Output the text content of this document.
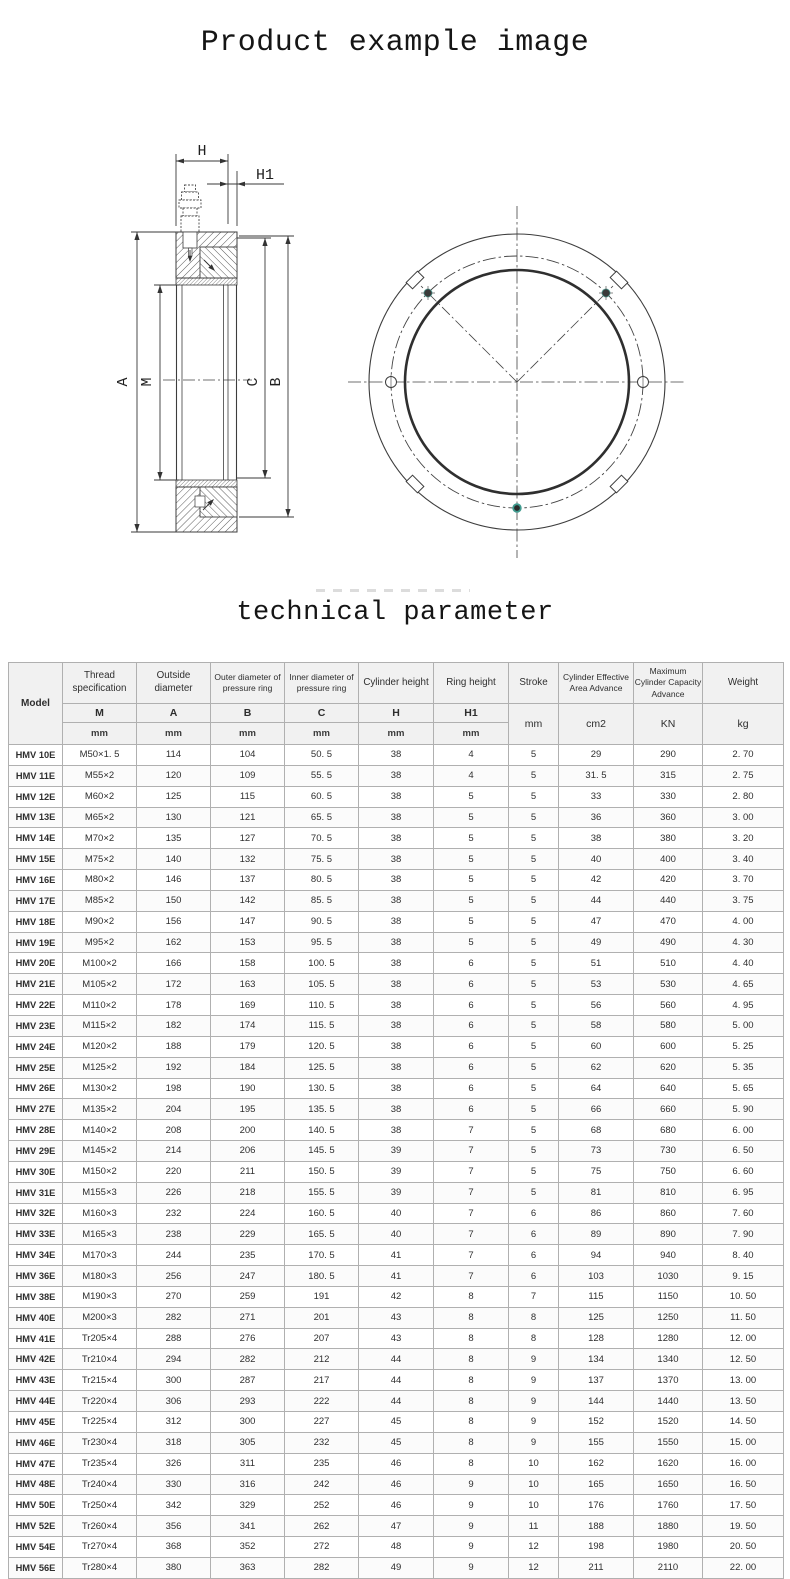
Product example image
H
H1
A M	C B
technical parameter
Model	Thread specification	Outside diameter	Outer diameter of pressure ring	Inner diameter of pressure ring	Cylinder height	Ring height	Stroke	Cylinder Effective Area Advance	Maximum Cylinder Capacity Advance	Weight
	M	A	B	C	H	H1	mm	cm2	KN	kg
	mm	mm	mm	mm	mm	mm				
HMV 10E	M50×1. 5	114	104	50. 5	38	4	5	29	290	2. 70
HMV 11E	M55×2	120	109	55. 5	38	4	5	31. 5	315	2. 75
HMV 12E	M60×2	125	115	60. 5	38	5	5	33	330	2. 80
HMV 13E	M65×2	130	121	65. 5	38	5	5	36	360	3. 00
HMV 14E	M70×2	135	127	70. 5	38	5	5	38	380	3. 20
HMV 15E	M75×2	140	132	75. 5	38	5	5	40	400	3. 40
HMV 16E	M80×2	146	137	80. 5	38	5	5	42	420	3. 70
HMV 17E	M85×2	150	142	85. 5	38	5	5	44	440	3. 75
HMV 18E	M90×2	156	147	90. 5	38	5	5	47	470	4. 00
HMV 19E	M95×2	162	153	95. 5	38	5	5	49	490	4. 30
HMV 20E	M100×2	166	158	100. 5	38	6	5	51	510	4. 40
HMV 21E	M105×2	172	163	105. 5	38	6	5	53	530	4. 65
HMV 22E	M110×2	178	169	110. 5	38	6	5	56	560	4. 95
HMV 23E	M115×2	182	174	115. 5	38	6	5	58	580	5. 00
HMV 24E	M120×2	188	179	120. 5	38	6	5	60	600	5. 25
HMV 25E	M125×2	192	184	125. 5	38	6	5	62	620	5. 35
HMV 26E	M130×2	198	190	130. 5	38	6	5	64	640	5. 65
HMV 27E	M135×2	204	195	135. 5	38	6	5	66	660	5. 90
HMV 28E	M140×2	208	200	140. 5	38	7	5	68	680	6. 00
HMV 29E	M145×2	214	206	145. 5	39	7	5	73	730	6. 50
HMV 30E	M150×2	220	211	150. 5	39	7	5	75	750	6. 60
HMV 31E	M155×3	226	218	155. 5	39	7	5	81	810	6. 95
HMV 32E	M160×3	232	224	160. 5	40	7	6	86	860	7. 60
HMV 33E	M165×3	238	229	165. 5	40	7	6	89	890	7. 90
HMV 34E	M170×3	244	235	170. 5	41	7	6	94	940	8. 40
HMV 36E	M180×3	256	247	180. 5	41	7	6	103	1030	9. 15
HMV 38E	M190×3	270	259	191	42	8	7	115	1150	10. 50
HMV 40E	M200×3	282	271	201	43	8	8	125	1250	11. 50
HMV 41E	Tr205×4	288	276	207	43	8	8	128	1280	12. 00
HMV 42E	Tr210×4	294	282	212	44	8	9	134	1340	12. 50
HMV 43E	Tr215×4	300	287	217	44	8	9	137	1370	13. 00
HMV 44E	Tr220×4	306	293	222	44	8	9	144	1440	13. 50
HMV 45E	Tr225×4	312	300	227	45	8	9	152	1520	14. 50
HMV 46E	Tr230×4	318	305	232	45	8	9	155	1550	15. 00
HMV 47E	Tr235×4	326	311	235	46	8	10	162	1620	16. 00
HMV 48E	Tr240×4	330	316	242	46	9	10	165	1650	16. 50
HMV 50E	Tr250×4	342	329	252	46	9	10	176	1760	17. 50
HMV 52E	Tr260×4	356	341	262	47	9	11	188	1880	19. 50
HMV 54E	Tr270×4	368	352	272	48	9	12	198	1980	20. 50
HMV 56E	Tr280×4	380	363	282	49	9	12	211	2110	22. 00
